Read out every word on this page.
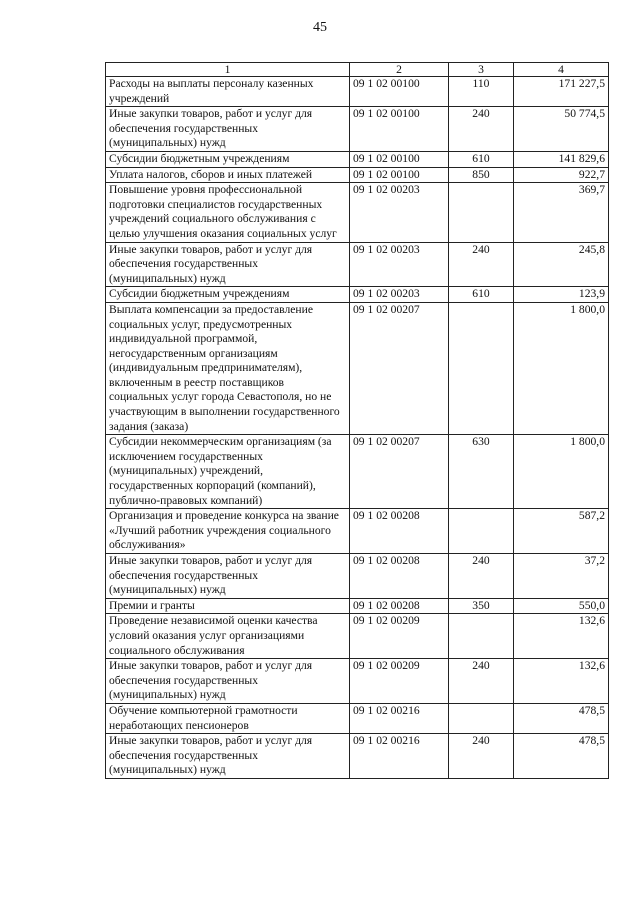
45
1	2	3	4
Расходы на выплаты персоналу казенных учреждений	09 1 02 00100	110	171 227,5
Иные закупки товаров, работ и услуг для обеспечения государственных (муниципальных) нужд	09 1 02 00100	240	50 774,5
Субсидии бюджетным учреждениям	09 1 02 00100	610	141 829,6
Уплата налогов, сборов и иных платежей	09 1 02 00100	850	922,7
Повышение уровня профессиональной подготовки специалистов государственных учреждений социального обслуживания с целью улучшения оказания социальных услуг	09 1 02 00203		369,7
Иные закупки товаров, работ и услуг для обеспечения государственных (муниципальных) нужд	09 1 02 00203	240	245,8
Субсидии бюджетным учреждениям	09 1 02 00203	610	123,9
Выплата компенсации за предоставление социальных услуг, предусмотренных индивидуальной программой, негосударственным организациям (индивидуальным предпринимателям), включенным в реестр поставщиков социальных услуг города Севастополя, но не участвующим в выполнении государственного задания (заказа)	09 1 02 00207		1 800,0
Субсидии некоммерческим организациям (за исключением государственных (муниципальных) учреждений, государственных корпораций (компаний), публично-правовых компаний)	09 1 02 00207	630	1 800,0
Организация и проведение конкурса на звание «Лучший работник учреждения социального обслуживания»	09 1 02 00208		587,2
Иные закупки товаров, работ и услуг для обеспечения государственных (муниципальных) нужд	09 1 02 00208	240	37,2
Премии и гранты	09 1 02 00208	350	550,0
Проведение независимой оценки качества условий оказания услуг организациями социального обслуживания	09 1 02 00209		132,6
Иные закупки товаров, работ и услуг для обеспечения государственных (муниципальных) нужд	09 1 02 00209	240	132,6
Обучение компьютерной грамотности неработающих пенсионеров	09 1 02 00216		478,5
Иные закупки товаров, работ и услуг для обеспечения государственных (муниципальных) нужд	09 1 02 00216	240	478,5
